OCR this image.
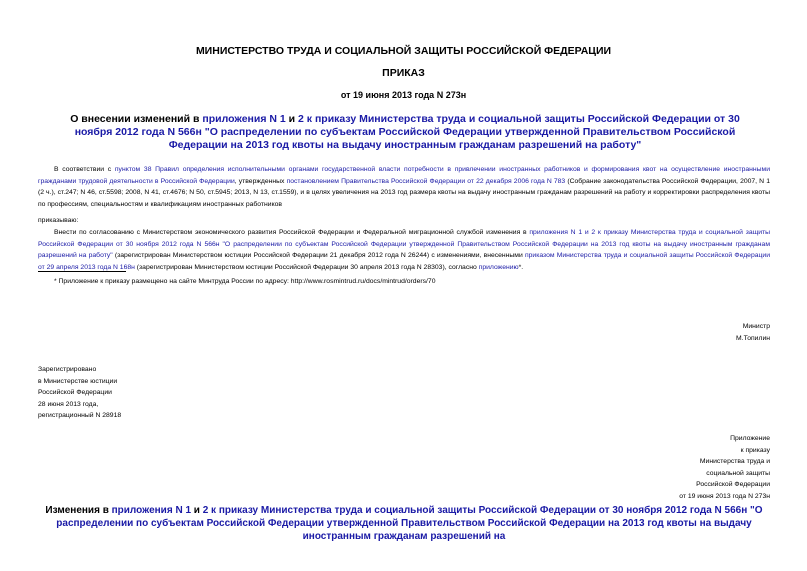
МИНИСТЕРСТВО ТРУДА И СОЦИАЛЬНОЙ ЗАЩИТЫ РОССИЙСКОЙ ФЕДЕРАЦИИ
ПРИКАЗ
от 19 июня 2013 года N 273н
О внесении изменений в приложения N 1 и 2 к приказу Министерства труда и социальной защиты Российской Федерации от 30 ноября 2012 года N 566н "О распределении по субъектам Российской Федерации утвержденной Правительством Российской Федерации на 2013 год квоты на выдачу иностранным гражданам разрешений на работу"
В соответствии с пунктом 38 Правил определения исполнительными органами государственной власти потребности в привлечении иностранных работников и формирования квот на осуществление иностранными гражданами трудовой деятельности в Российской Федерации, утвержденных постановлением Правительства Российской Федерации от 22 декабря 2006 года N 783 (Собрание законодательства Российской Федерации, 2007, N 1 (2 ч.), ст.247; N 46, ст.5598; 2008, N 41, ст.4676; N 50, ст.5945; 2013, N 13, ст.1559), и в целях увеличения на 2013 год размера квоты на выдачу иностранным гражданам разрешений на работу и корректировки распределения квоты по профессиям, специальностям и квалификациям иностранных работников
приказываю:
Внести по согласованию с Министерством экономического развития Российской Федерации и Федеральной миграционной службой изменения в приложения N 1 и 2 к приказу Министерства труда и социальной защиты Российской Федерации от 30 ноября 2012 года N 566н "О распределении по субъектам Российской Федерации утвержденной Правительством Российской Федерации на 2013 год квоты на выдачу иностранным гражданам разрешений на работу" (зарегистрирован Министерством юстиции Российской Федерации 21 декабря 2012 года N 26244) с изменениями, внесенными приказом Министерства труда и социальной защиты Российской Федерации от 29 апреля 2013 года N 168н (зарегистрирован Министерством юстиции Российской Федерации 30 апреля 2013 года N 28303), согласно приложению*.
* Приложение к приказу размещено на сайте Минтруда России по адресу: http://www.rosmintrud.ru/docs/mintrud/orders/70
Министр
М.Топилин
Зарегистрировано
в Министерстве юстиции
Российской Федерации
28 июня 2013 года,
регистрационный N 28918
Приложение
к приказу
Министерства труда и
социальной защиты
Российской Федерации
от 19 июня 2013 года N 273н
Изменения в приложения N 1 и 2 к приказу Министерства труда и социальной защиты Российской Федерации от 30 ноября 2012 года N 566н "О распределении по субъектам Российской Федерации утвержденной Правительством Российской Федерации на 2013 год квоты на выдачу иностранным гражданам разрешений на
